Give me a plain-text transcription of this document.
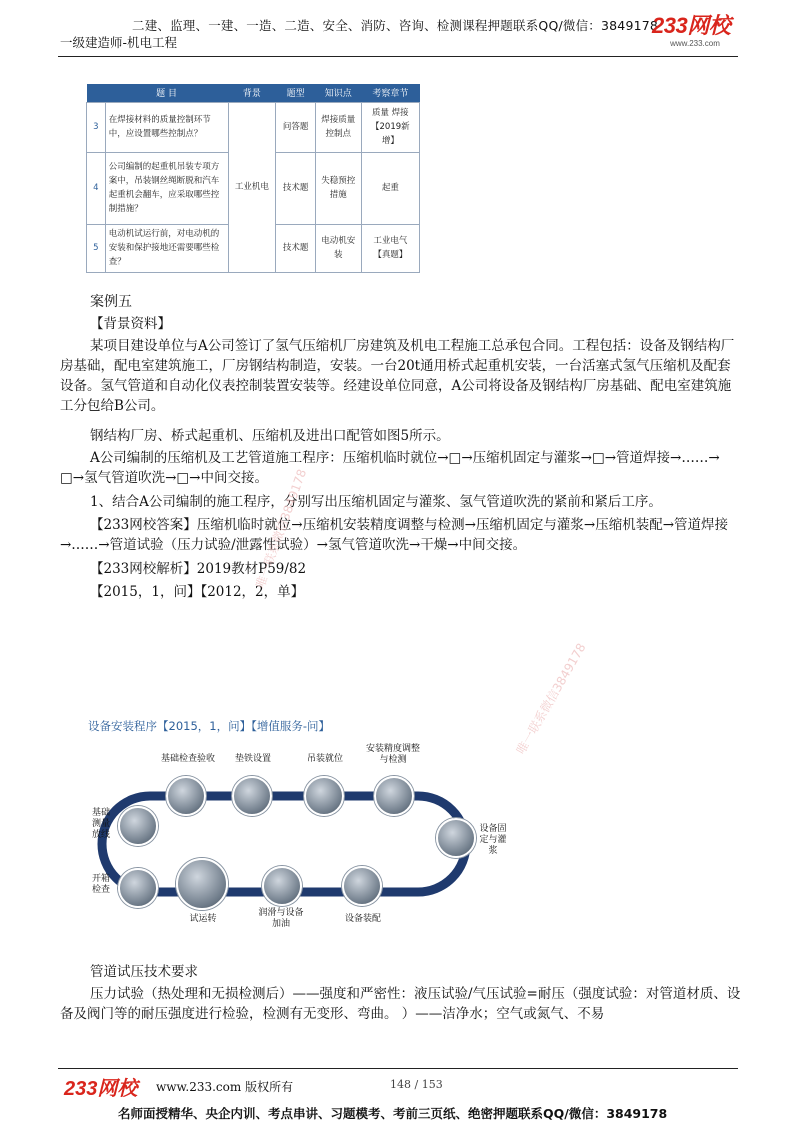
二建、监理、一建、一造、二造、安全、消防、咨询、检测课程押题联系QQ/微信：3849178
一级建造师-机电工程
233网校
www.233.com
	题 目	背景	题型	知识点	考察章节
3	在焊接材料的质量控制环节中，应设置哪些控制点？	工业机电	问答题	焊接质量控制点	质量 焊接 【2019新增】
4	公司编制的起重机吊装专项方案中，吊装钢丝绳断脱和汽车起重机会翻车，应采取哪些控制措施？		技术题	失稳预控措施	起重
5	电动机试运行前，对电动机的安装和保护接地还需要哪些检查？		技术题	电动机安装	工业电气 【真题】
案例五
【背景资料】
某项目建设单位与A公司签订了氢气压缩机厂房建筑及机电工程施工总承包合同。工程包括：设备及钢结构厂房基础，配电室建筑施工，厂房钢结构制造，安装。一台20t通用桥式起重机安装，一台活塞式氢气压缩机及配套设备。氢气管道和自动化仪表控制装置安装等。经建设单位同意，A公司将设备及钢结构厂房基础、配电室建筑施工分包给B公司。
钢结构厂房、桥式起重机、压缩机及进出口配管如图5所示。
A公司编制的压缩机及工艺管道施工程序：压缩机临时就位→□→压缩机固定与灌浆→□→管道焊接→……→ □→氢气管道吹洗→□→中间交接。
1、结合A公司编制的施工程序，分别写出压缩机固定与灌浆、氢气管道吹洗的紧前和紧后工序。
【233网校答案】压缩机临时就位→压缩机安装精度调整与检测→压缩机固定与灌浆→压缩机装配→管道焊接→……→管道试验（压力试验/泄露性试验）→氢气管道吹洗→干燥→中间交接。
【233网校解析】2019教材P59/82
【2015，1，问】【2012，2，单】
唯一联系微信3849178
唯一联系微信3849178
设备安装程序【2015，1，问】【增值服务-问】
基础检查验收	垫铁设置	吊装就位
安装精度调整与检测
设备固定与灌浆
设备装配
润滑与设备加油
试运转
开箱检查
基础测量放线
管道试压技术要求
压力试验（热处理和无损检测后）——强度和严密性：液压试验/气压试验=耐压（强度试验：对管道材质、设备及阀门等的耐压强度进行检验，检测有无变形、弯曲。 ）——洁净水；空气或氮气、不易
233网校 www.233.com 版权所有	148 / 153
名师面授精华、央企内训、考点串讲、习题模考、考前三页纸、绝密押题联系QQ/微信：3849178
